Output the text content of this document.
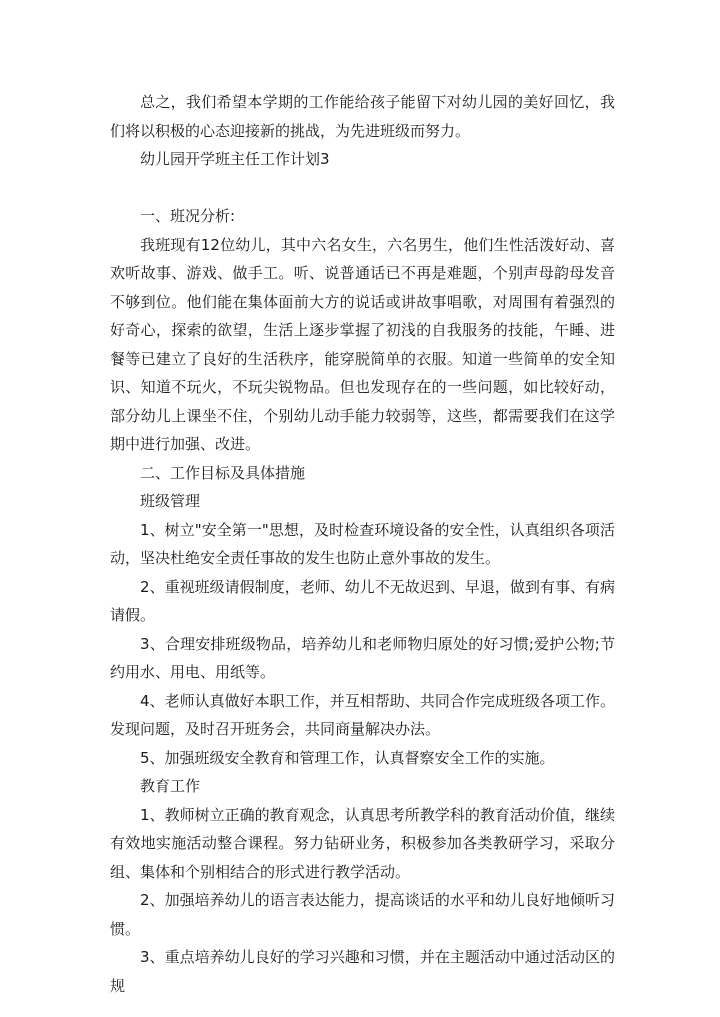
总之，我们希望本学期的工作能给孩子能留下对幼儿园的美好回忆，我们将以积极的心态迎接新的挑战，为先进班级而努力。

幼儿园开学班主任工作计划3

一、班况分析:

我班现有12位幼儿，其中六名女生，六名男生，他们生性活泼好动、喜欢听故事、游戏、做手工。听、说普通话已不再是难题，个别声母韵母发音不够到位。他们能在集体面前大方的说话或讲故事唱歌，对周围有着强烈的好奇心，探索的欲望，生活上逐步掌握了初浅的自我服务的技能，午睡、进餐等已建立了良好的生活秩序，能穿脱简单的衣服。知道一些简单的安全知识、知道不玩火，不玩尖锐物品。但也发现存在的一些问题，如比较好动，部分幼儿上课坐不住，个别幼儿动手能力较弱等，这些，都需要我们在这学期中进行加强、改进。

二、工作目标及具体措施

班级管理

1、树立"安全第一"思想，及时检查环境设备的安全性，认真组织各项活动，坚决杜绝安全责任事故的发生也防止意外事故的发生。

2、重视班级请假制度，老师、幼儿不无故迟到、早退，做到有事、有病请假。

3、合理安排班级物品，培养幼儿和老师物归原处的好习惯;爱护公物;节约用水、用电、用纸等。

4、老师认真做好本职工作，并互相帮助、共同合作完成班级各项工作。发现问题，及时召开班务会，共同商量解决办法。

5、加强班级安全教育和管理工作，认真督察安全工作的实施。

教育工作

1、教师树立正确的教育观念，认真思考所教学科的教育活动价值，继续有效地实施活动整合课程。努力钻研业务，积极参加各类教研学习，采取分组、集体和个别相结合的形式进行教学活动。

2、加强培养幼儿的语言表达能力，提高谈话的水平和幼儿良好地倾听习惯。

3、重点培养幼儿良好的学习兴趣和习惯，并在主题活动中通过活动区的规
